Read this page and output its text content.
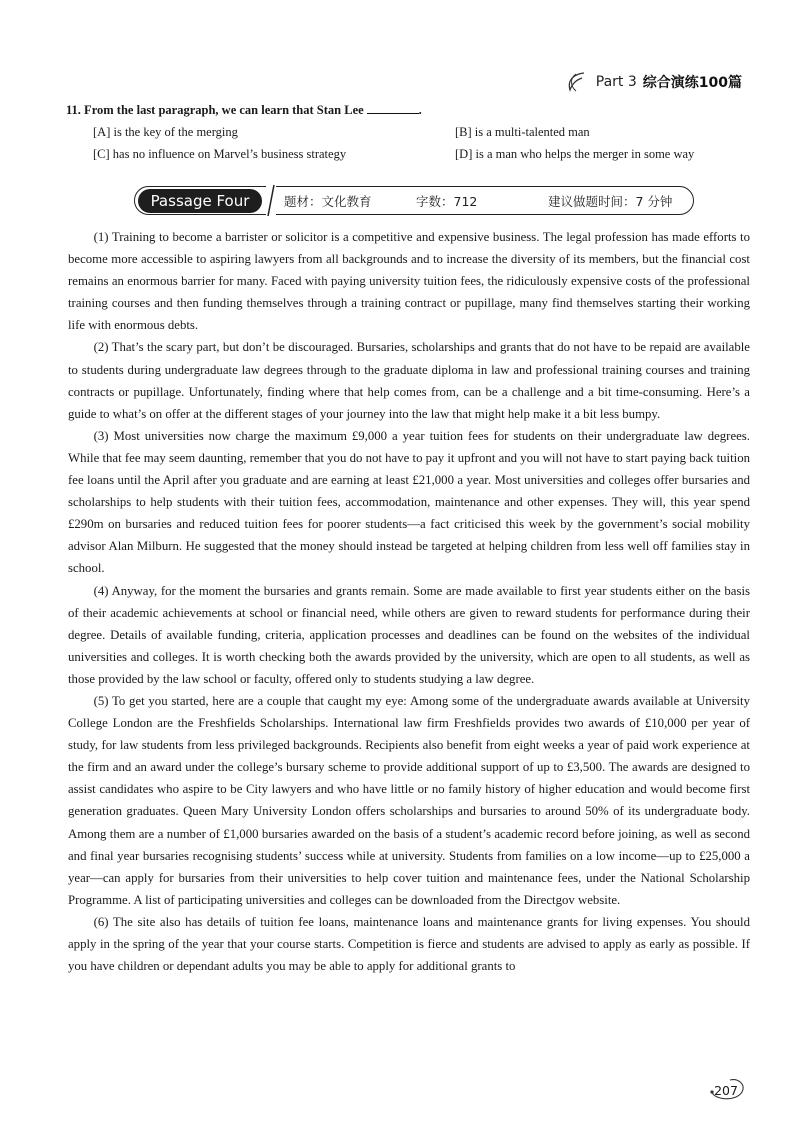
Part 3 综合演练100篇
11. From the last paragraph, we can learn that Stan Lee	.
[A] is the key of the merging	[B] is a multi-talented man
[C] has no influence on Marvel’s business strategy	[D] is a man who helps the merger in some way
Passage Four	题材：文化教育	字数：712	建议做题时间：7 分钟

(1) Training to become a barrister or solicitor is a competitive and expensive business. The legal profession has made efforts to become more accessible to aspiring lawyers from all backgrounds and to increase the diversity of its members, but the financial cost remains an enormous barrier for many. Faced with paying university tuition fees, the ridiculously expensive costs of the professional training courses and then funding themselves through a training contract or pupillage, many find themselves starting their working life with enormous debts.

(2) That’s the scary part, but don’t be discouraged. Bursaries, scholarships and grants that do not have to be repaid are available to students during undergraduate law degrees through to the graduate diploma in law and professional training courses and training contracts or pupillage. Unfortunately, finding where that help comes from, can be a challenge and a bit time-consuming. Here’s a guide to what’s on offer at the different stages of your journey into the law that might help make it a bit less bumpy.

(3) Most universities now charge the maximum £9,000 a year tuition fees for students on their undergraduate law degrees. While that fee may seem daunting, remember that you do not have to pay it upfront and you will not have to start paying back tuition fee loans until the April after you graduate and are earning at least £21,000 a year. Most universities and colleges offer bursaries and scholarships to help students with their tuition fees, accommodation, maintenance and other expenses. They will, this year spend £290m on bursaries and reduced tuition fees for poorer students—a fact criticised this week by the government’s social mobility advisor Alan Milburn. He suggested that the money should instead be targeted at helping children from less well off families stay in school.

(4) Anyway, for the moment the bursaries and grants remain. Some are made available to first year students either on the basis of their academic achievements at school or financial need, while others are given to reward students for performance during their degree. Details of available funding, criteria, application processes and deadlines can be found on the websites of the individual universities and colleges. It is worth checking both the awards provided by the university, which are open to all students, as well as those provided by the law school or faculty, offered only to students studying a law degree.

(5) To get you started, here are a couple that caught my eye: Among some of the undergraduate awards available at University College London are the Freshfields Scholarships. International law firm Freshfields provides two awards of £10,000 per year of study, for law students from less privileged backgrounds. Recipients also benefit from eight weeks a year of paid work experience at the firm and an award under the college’s bursary scheme to provide additional support of up to £3,500. The awards are designed to assist candidates who aspire to be City lawyers and who have little or no family history of higher education and would become first generation graduates. Queen Mary University London offers scholarships and bursaries to around 50% of its undergraduate body. Among them are a number of £1,000 bursaries awarded on the basis of a student’s academic record before joining, as well as second and final year bursaries recognising students’ success while at university. Students from families on a low income—up to £25,000 a year—can apply for bursaries from their universities to help cover tuition and maintenance fees, under the National Scholarship Programme. A list of participating universities and colleges can be downloaded from the Directgov website.

(6) The site also has details of tuition fee loans, maintenance loans and maintenance grants for living expenses. You should apply in the spring of the year that your course starts. Competition is fierce and students are advised to apply as early as possible. If you have children or dependant adults you may be able to apply for additional grants to

207
